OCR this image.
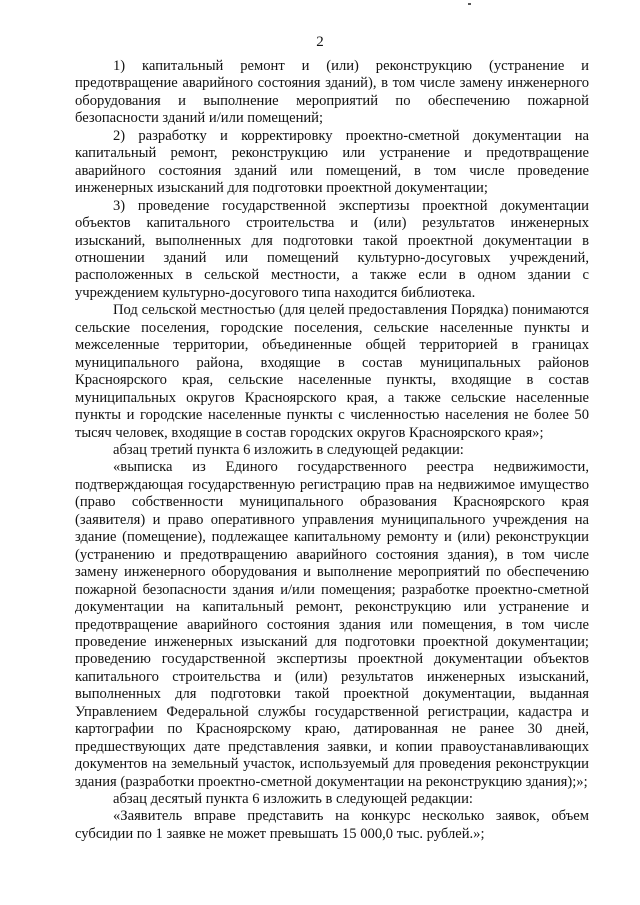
2

1) капитальный ремонт и (или) реконструкцию (устранение и предотвращение аварийного состояния зданий), в том числе замену инженерного оборудования и выполнение мероприятий по обеспечению пожарной безопасности зданий и/или помещений;

2) разработку и корректировку проектно-сметной документации на капитальный ремонт, реконструкцию или устранение и предотвращение аварийного состояния зданий или помещений, в том числе проведение инженерных изысканий для подготовки проектной документации;

3) проведение государственной экспертизы проектной документации объектов капитального строительства и (или) результатов инженерных изысканий, выполненных для подготовки такой проектной документации в отношении зданий или помещений культурно-досуговых учреждений, расположенных в сельской местности, а также если в одном здании с учреждением культурно-досугового типа находится библиотека.

Под сельской местностью (для целей предоставления Порядка) понимаются сельские поселения, городские поселения, сельские населенные пункты и межселенные территории, объединенные общей территорией в границах муниципального района, входящие в состав муниципальных районов Красноярского края, сельские населенные пункты, входящие в состав муниципальных округов Красноярского края, а также сельские населенные пункты и городские населенные пункты с численностью населения не более 50 тысяч человек, входящие в состав городских округов Красноярского края»;

абзац третий пункта 6 изложить в следующей редакции:

«выписка из Единого государственного реестра недвижимости, подтверждающая государственную регистрацию прав на недвижимое имущество (право собственности муниципального образования Красноярского края (заявителя) и право оперативного управления муниципального учреждения на здание (помещение), подлежащее капитальному ремонту и (или) реконструкции (устранению и предотвращению аварийного состояния здания), в том числе замену инженерного оборудования и выполнение мероприятий по обеспечению пожарной безопасности здания и/или помещения; разработке проектно-сметной документации на капитальный ремонт, реконструкцию или устранение и предотвращение аварийного состояния здания или помещения, в том числе проведение инженерных изысканий для подготовки проектной документации; проведению государственной экспертизы проектной документации объектов капитального строительства и (или) результатов инженерных изысканий, выполненных для подготовки такой проектной документации, выданная Управлением Федеральной службы государственной регистрации, кадастра и картографии по Красноярскому краю, датированная не ранее 30 дней, предшествующих дате представления заявки, и копии правоустанавливающих документов на земельный участок, используемый для проведения реконструкции здания (разработки проектно-сметной документации на реконструкцию здания);»;

абзац десятый пункта 6 изложить в следующей редакции:

«Заявитель вправе представить на конкурс несколько заявок, объем субсидии по 1 заявке не может превышать 15 000,0 тыс. рублей.»;
